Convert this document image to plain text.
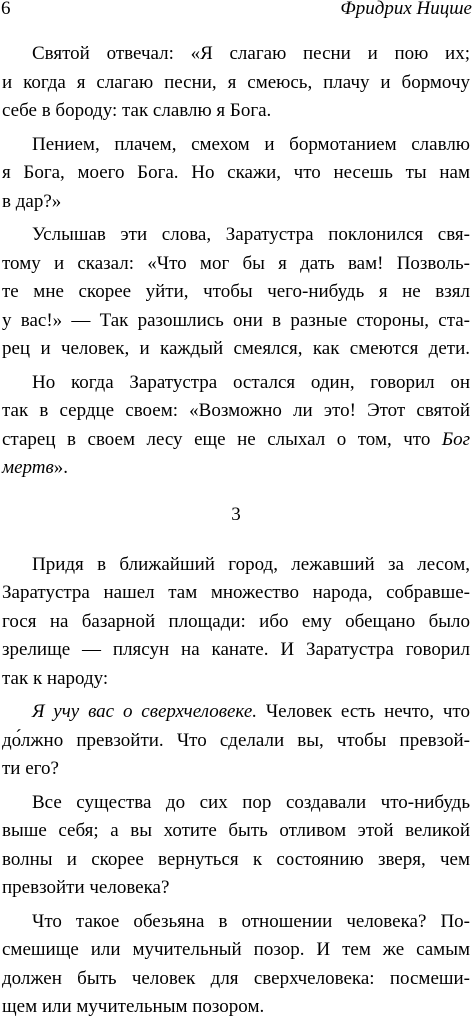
6	Фридрих Ницше

Святой отвечал: «Я слагаю песни и пою их;
и когда я слагаю песни, я смеюсь, плачу и бормочу
себе в бороду: так славлю я Бога.

Пением, плачем, смехом и бормотанием славлю
я Бога, моего Бога. Но скажи, что несешь ты нам
в дар?»

Услышав эти слова, Заратустра поклонился свя-
тому и сказал: «Что мог бы я дать вам! Позволь-
те мне скорее уйти, чтобы чего-нибудь я не взял
у вас!» — Так разошлись они в разные стороны, ста-
рец и человек, и каждый смеялся, как смеются дети.

Но когда Заратустра остался один, говорил он
так в сердце своем: «Возможно ли это! Этот святой
старец в своем лесу еще не слыхал о том, что Бог
мертв».

3

Придя в ближайший город, лежавший за лесом,
Заратустра нашел там множество народа, собравше-
гося на базарной площади: ибо ему обещано было
зрелище — плясун на канате. И Заратустра говорил
так к народу:

Я учу вас о сверхчеловеке. Человек есть нечто, что
до́лжно превзойти. Что сделали вы, чтобы превзой-
ти его?

Все существа до сих пор создавали что-нибудь
выше себя; а вы хотите быть отливом этой великой
волны и скорее вернуться к состоянию зверя, чем
превзойти человека?

Что такое обезьяна в отношении человека? По-
смешище или мучительный позор. И тем же самым
должен быть человек для сверхчеловека: посмеши-
щем или мучительным позором.
